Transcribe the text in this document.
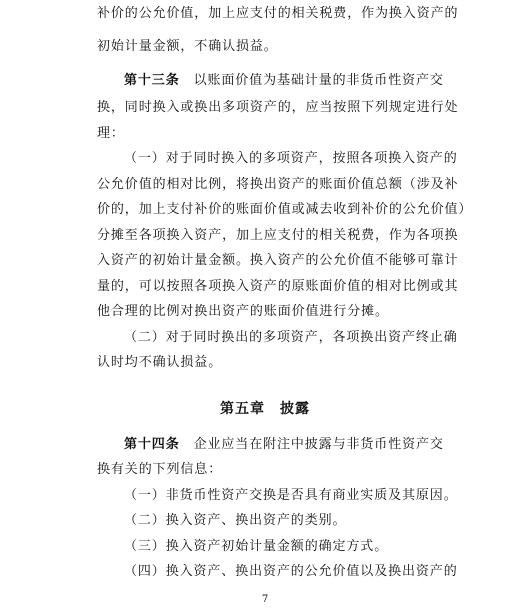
补价的公允价值，加上应支付的相关税费，作为换入资产的
初始计量金额，不确认损益。
第十三条 以账面价值为基础计量的非货币性资产交
换，同时换入或换出多项资产的，应当按照下列规定进行处
理：
（一）对于同时换入的多项资产，按照各项换入资产的
公允价值的相对比例，将换出资产的账面价值总额（涉及补
价的，加上支付补价的账面价值或减去收到补价的公允价值）
分摊至各项换入资产，加上应支付的相关税费，作为各项换
入资产的初始计量金额。换入资产的公允价值不能够可靠计
量的，可以按照各项换入资产的原账面价值的相对比例或其
他合理的比例对换出资产的账面价值进行分摊。
（二）对于同时换出的多项资产，各项换出资产终止确
认时均不确认损益。
第五章　披露
第十四条 企业应当在附注中披露与非货币性资产交
换有关的下列信息：
（一）非货币性资产交换是否具有商业实质及其原因。
（二）换入资产、换出资产的类别。
（三）换入资产初始计量金额的确定方式。
（四）换入资产、换出资产的公允价值以及换出资产的
7
